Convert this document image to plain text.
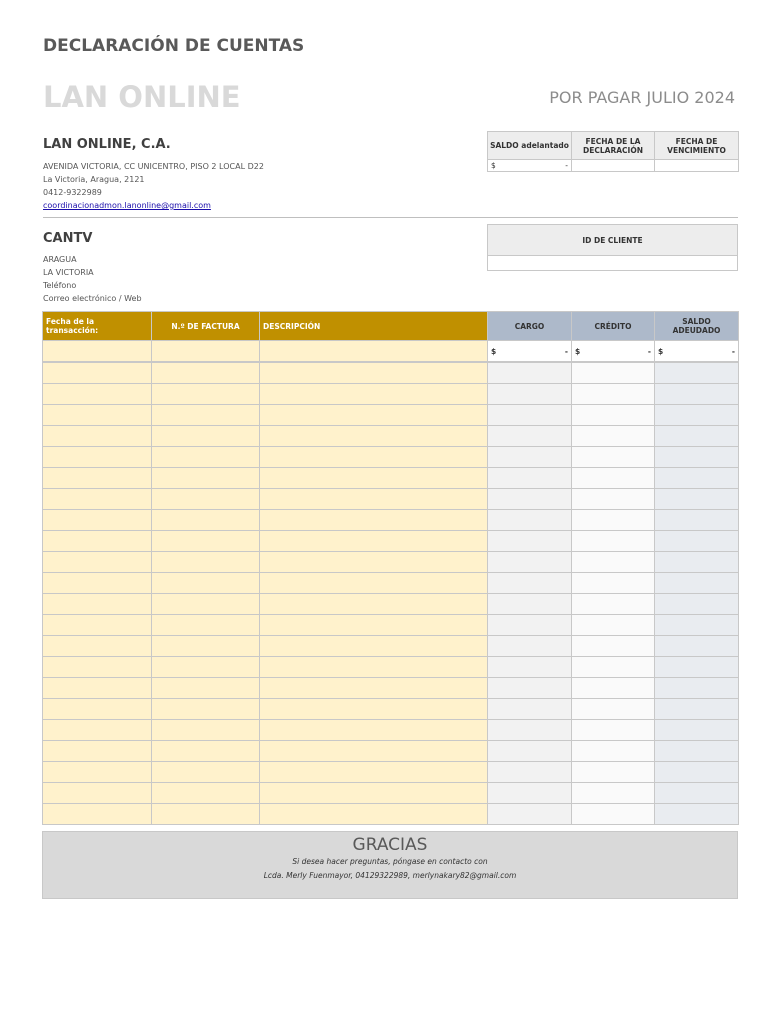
DECLARACIÓN DE CUENTAS
LAN ONLINE	POR PAGAR JULIO 2024
LAN ONLINE, C.A.
AVENIDA VICTORIA, CC UNICENTRO, PISO 2 LOCAL D22
La Victoria, Aragua, 2121
0412-9322989
coordinacionadmon.lanonline@gmail.com
SALDO adelantado	FECHA DE LA DECLARACIÓN	FECHA DE VENCIMIENTO

$ -		

CANTV
ARAGUA
LA VICTORIA
Teléfono
Correo electrónico / Web
ID DE CLIENTE

Fecha de la transacción:	N.º DE FACTURA	DESCRIPCIÓN	CARGO	CRÉDITO	SALDO ADEUDADO

			$ -	$ -	$ -

GRACIAS
Si desea hacer preguntas, póngase en contacto con
Lcda. Merly Fuenmayor, 04129322989, merlynakary82@gmail.com
